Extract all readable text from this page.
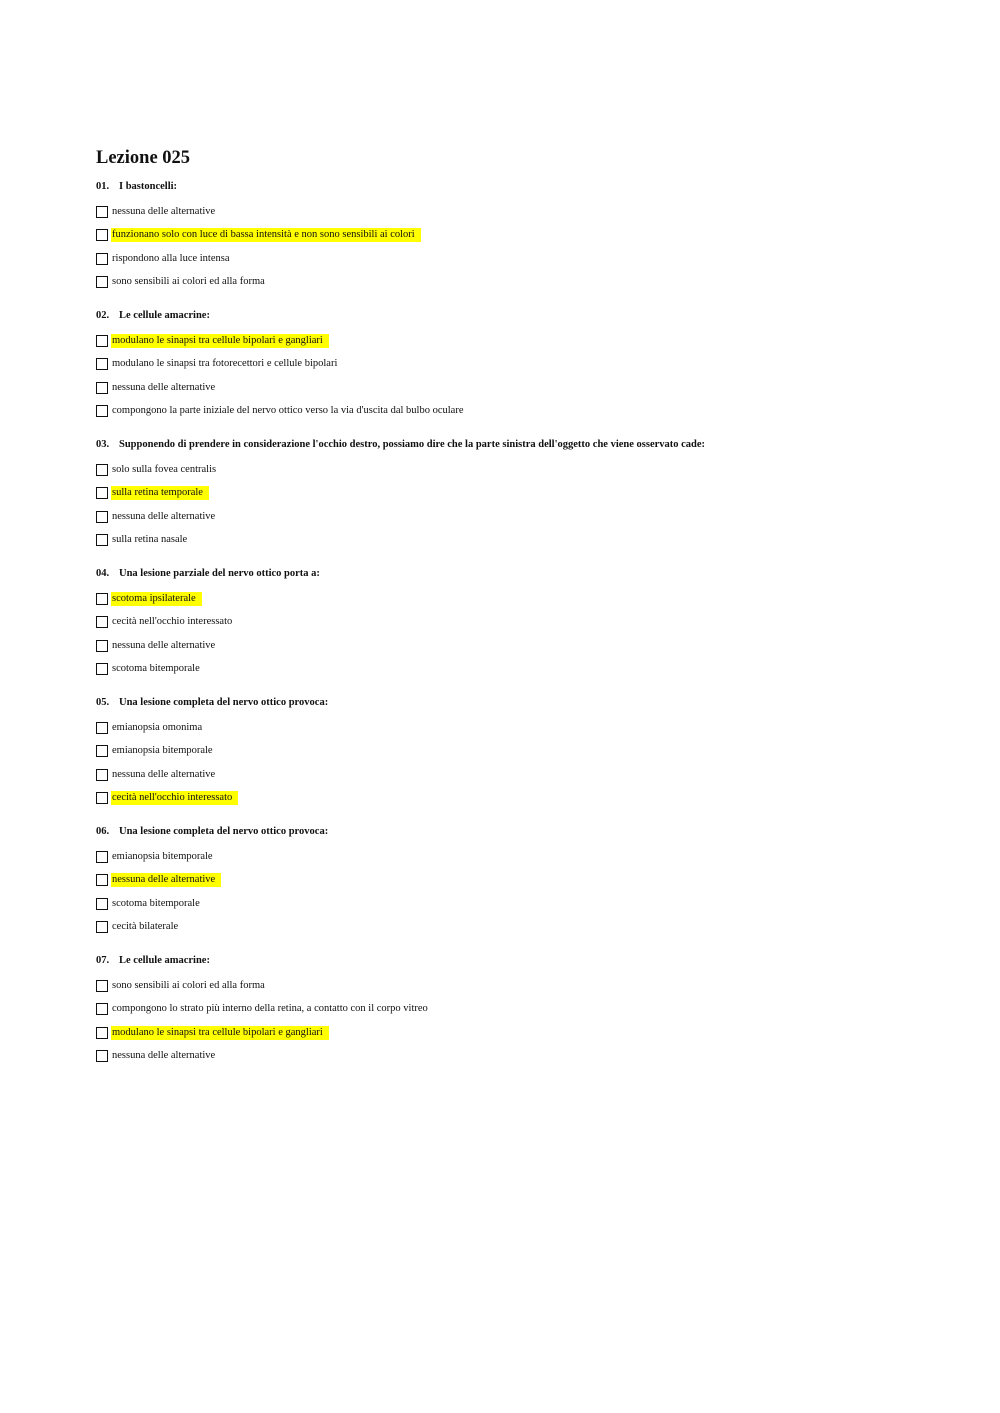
Lezione 025
01. I bastoncelli:
nessuna delle alternative
funzionano solo con luce di bassa intensità e non sono sensibili ai colori
rispondono alla luce intensa
sono sensibili ai colori ed alla forma
02. Le cellule amacrine:
modulano le sinapsi tra cellule bipolari e gangliari
modulano le sinapsi tra fotorecettori e cellule bipolari
nessuna delle alternative
compongono la parte iniziale del nervo ottico verso la via d'uscita dal bulbo oculare
03. Supponendo di prendere in considerazione l'occhio destro, possiamo dire che la parte sinistra dell'oggetto che viene osservato cade:
solo sulla fovea centralis
sulla retina temporale
nessuna delle alternative
sulla retina nasale
04. Una lesione parziale del nervo ottico porta a:
scotoma ipsilaterale
cecità nell'occhio interessato
nessuna delle alternative
scotoma bitemporale
05. Una lesione completa del nervo ottico provoca:
emianopsia omonima
emianopsia bitemporale
nessuna delle alternative
cecità nell'occhio interessato
06. Una lesione completa del nervo ottico provoca:
emianopsia bitemporale
nessuna delle alternative
scotoma bitemporale
cecità bilaterale
07. Le cellule amacrine:
sono sensibili ai colori ed alla forma
compongono lo strato più interno della retina, a contatto con il corpo vitreo
modulano le sinapsi tra cellule bipolari e gangliari
nessuna delle alternative
